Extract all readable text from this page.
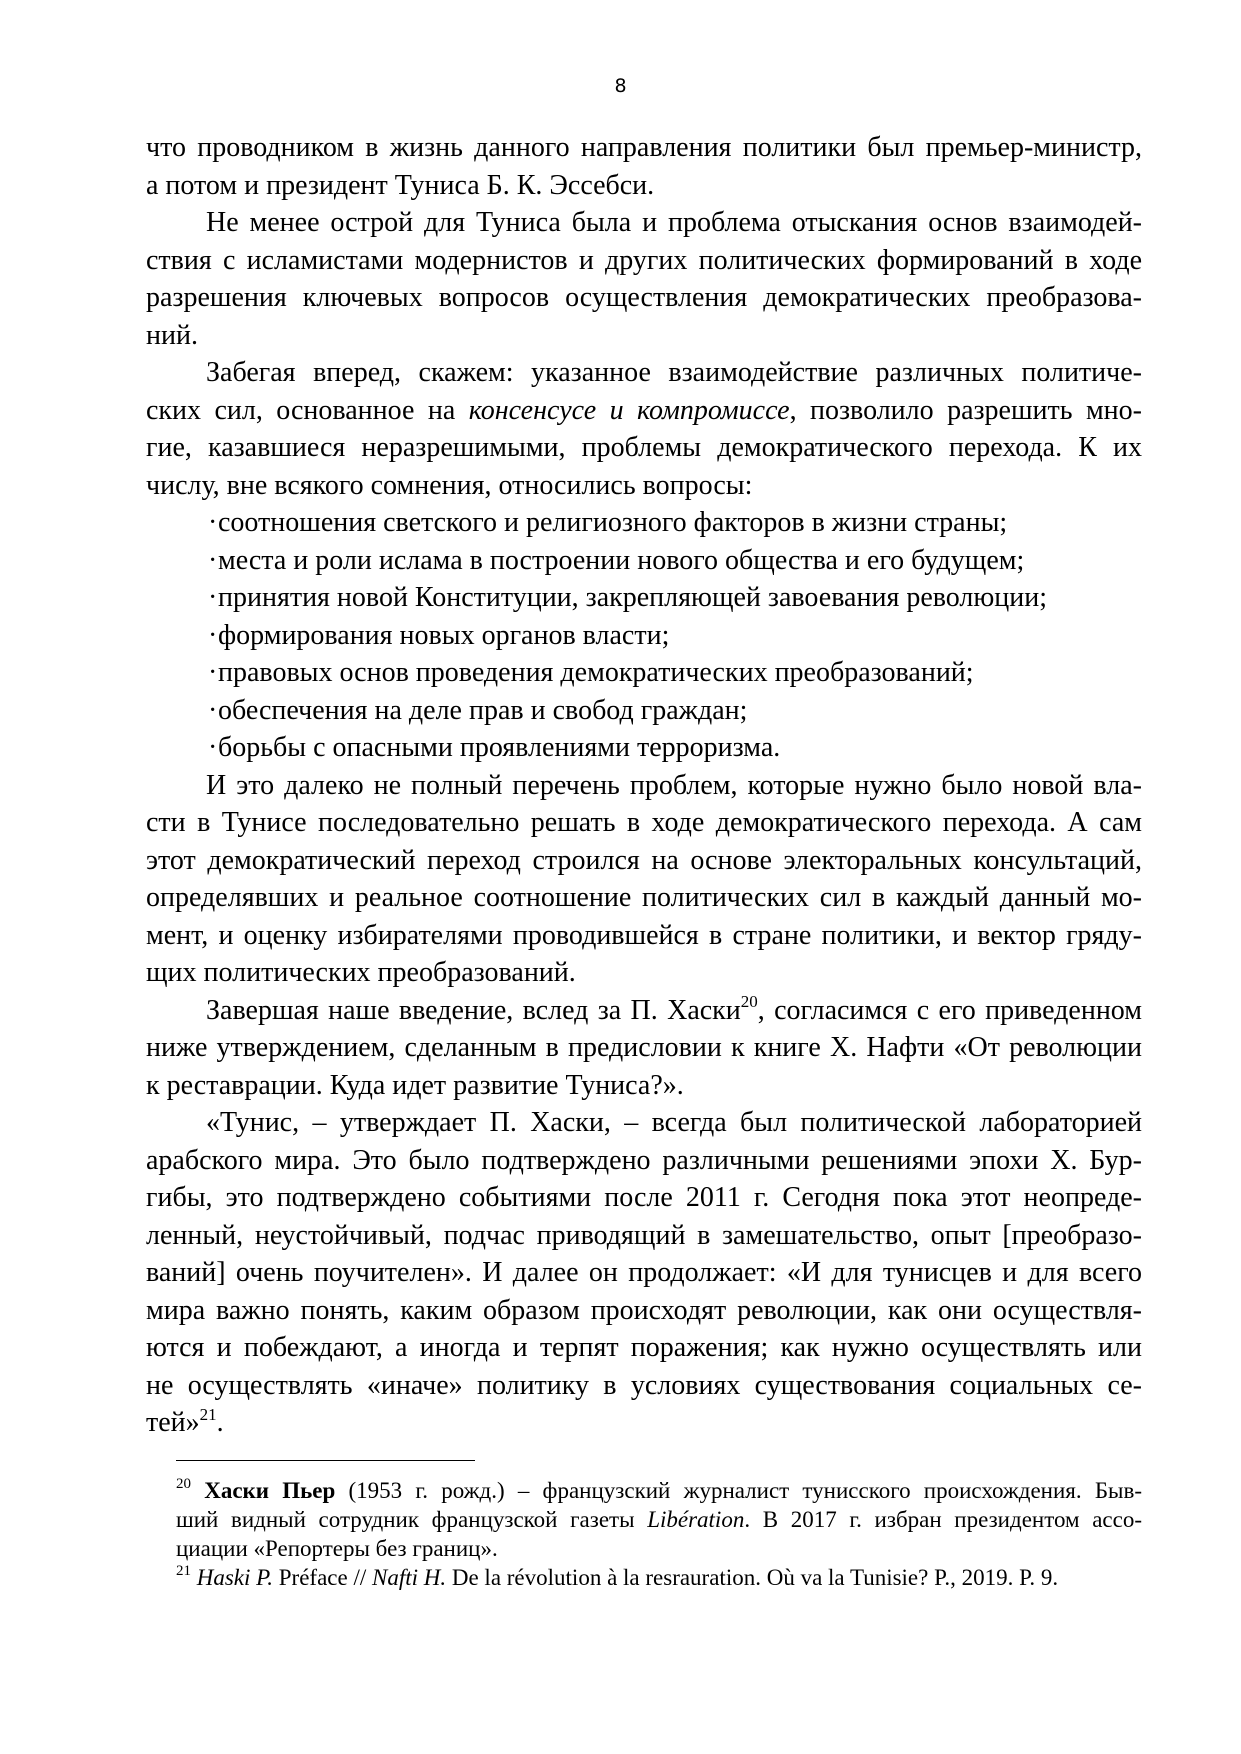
8
что проводником в жизнь данного направления политики был премьер-министр,
а потом и президент Туниса Б. К. Эссебси.
Не менее острой для Туниса была и проблема отыскания основ взаимодей-
ствия с исламистами модернистов и других политических формирований в ходе
разрешения ключевых вопросов осуществления демократических преобразова-
ний.
Забегая вперед, скажем: указанное взаимодействие различных политиче-
ских сил, основанное на консенсусе и компромиссе, позволило разрешить мно-
гие, казавшиеся неразрешимыми, проблемы демократического перехода. К их
числу, вне всякого сомнения, относились вопросы:
·соотношения светского и религиозного факторов в жизни страны;
·места и роли ислама в построении нового общества и его будущем;
·принятия новой Конституции, закрепляющей завоевания революции;
·формирования новых органов власти;
·правовых основ проведения демократических преобразований;
·обеспечения на деле прав и свобод граждан;
·борьбы с опасными проявлениями терроризма.
И это далеко не полный перечень проблем, которые нужно было новой вла-
сти в Тунисе последовательно решать в ходе демократического перехода. А сам
этот демократический переход строился на основе электоральных консультаций,
определявших и реальное соотношение политических сил в каждый данный мо-
мент, и оценку избирателями проводившейся в стране политики, и вектор гряду-
щих политических преобразований.
Завершая наше введение, вслед за П. Хаски$^{20}$, согласимся с его приведенном
ниже утверждением, сделанным в предисловии к книге Х. Нафти «От революции
к реставрации. Куда идет развитие Туниса?».
«Тунис, – утверждает П. Хаски, – всегда был политической лабораторией
арабского мира. Это было подтверждено различными решениями эпохи Х. Бур-
гибы, это подтверждено событиями после 2011 г. Сегодня пока этот неопреде-
ленный, неустойчивый, подчас приводящий в замешательство, опыт [преобразо-
ваний] очень поучителен». И далее он продолжает: «И для тунисцев и для всего
мира важно понять, каким образом происходят революции, как они осуществля-
ются и побеждают, а иногда и терпят поражения; как нужно осуществлять или
не осуществлять «иначе» политику в условиях существования социальных се-
тей»$^{21}$.
$^{20}$ Хаски Пьер (1953 г. рожд.) – французский журналист тунисского происхождения. Быв-
ший видный сотрудник французской газеты Libération. В 2017 г. избран президентом ассо-
циации «Репортеры без границ».
$^{21}$ Haski P. Préface // Nafti H. De la révolution à la resrauration. Où va la Tunisie? P., 2019. P. 9.
